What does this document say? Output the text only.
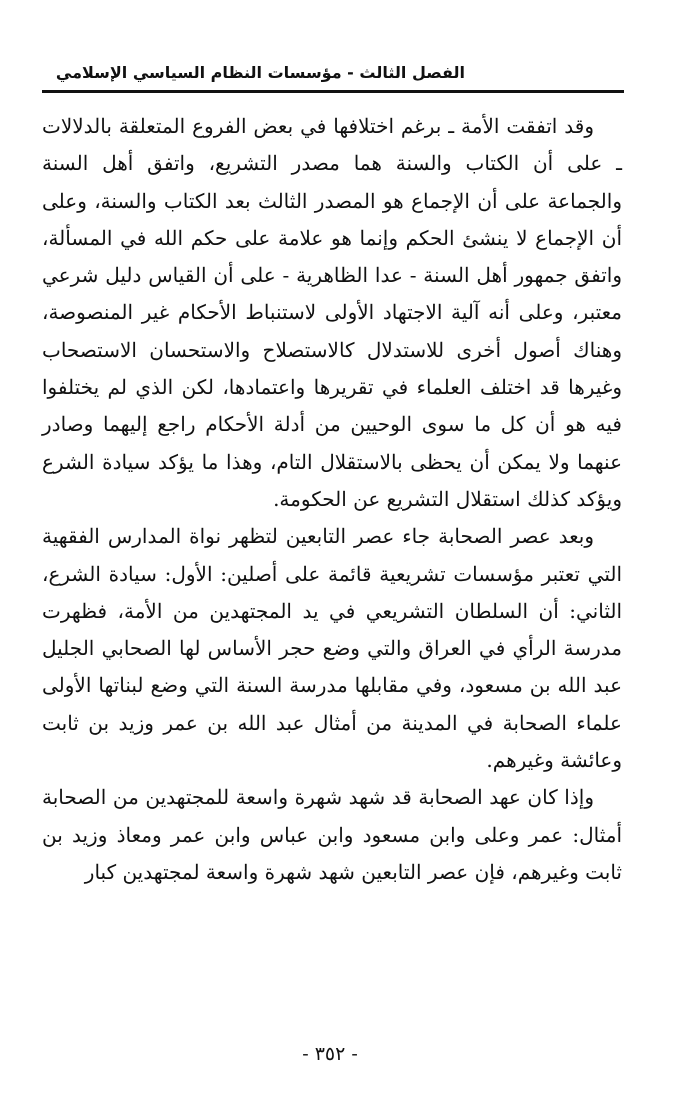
الفصل الثالث - مؤسسات النظام السياسي الإسلامي

وقد اتفقت الأمة ـ برغم اختلافها في بعض الفروع المتعلقة بالدلالات ـ على أن الكتاب والسنة هما مصدر التشريع، واتفق أهل السنة والجماعة على أن الإجماع هو المصدر الثالث بعد الكتاب والسنة، وعلى أن الإجماع لا ينشئ الحكم وإنما هو علامة على حكم الله في المسألة، واتفق جمهور أهل السنة - عدا الظاهرية - على أن القياس دليل شرعي معتبر، وعلى أنه آلية الاجتهاد الأولى لاستنباط الأحكام غير المنصوصة، وهناك أصول أخرى للاستدلال كالاستصلاح والاستحسان الاستصحاب وغيرها قد اختلف العلماء في تقريرها واعتمادها، لكن الذي لم يختلفوا فيه هو أن كل ما سوى الوحيين من أدلة الأحكام راجع إليهما وصادر عنهما ولا يمكن أن يحظى بالاستقلال التام، وهذا ما يؤكد سيادة الشرع ويؤكد كذلك استقلال التشريع عن الحكومة.

وبعد عصر الصحابة جاء عصر التابعين لتظهر نواة المدارس الفقهية التي تعتبر مؤسسات تشريعية قائمة على أصلين: الأول: سيادة الشرع، الثاني: أن السلطان التشريعي في يد المجتهدين من الأمة، فظهرت مدرسة الرأي في العراق والتي وضع حجر الأساس لها الصحابي الجليل عبد الله بن مسعود، وفي مقابلها مدرسة السنة التي وضع لبناتها الأولى علماء الصحابة في المدينة من أمثال عبد الله بن عمر وزيد بن ثابت وعائشة وغيرهم.

وإذا كان عهد الصحابة قد شهد شهرة واسعة للمجتهدين من الصحابة أمثال: عمر وعلى وابن مسعود وابن عباس وابن عمر ومعاذ وزيد بن ثابت وغيرهم، فإن عصر التابعين شهد شهرة واسعة لمجتهدين كبار

- ٣٥٢ -
